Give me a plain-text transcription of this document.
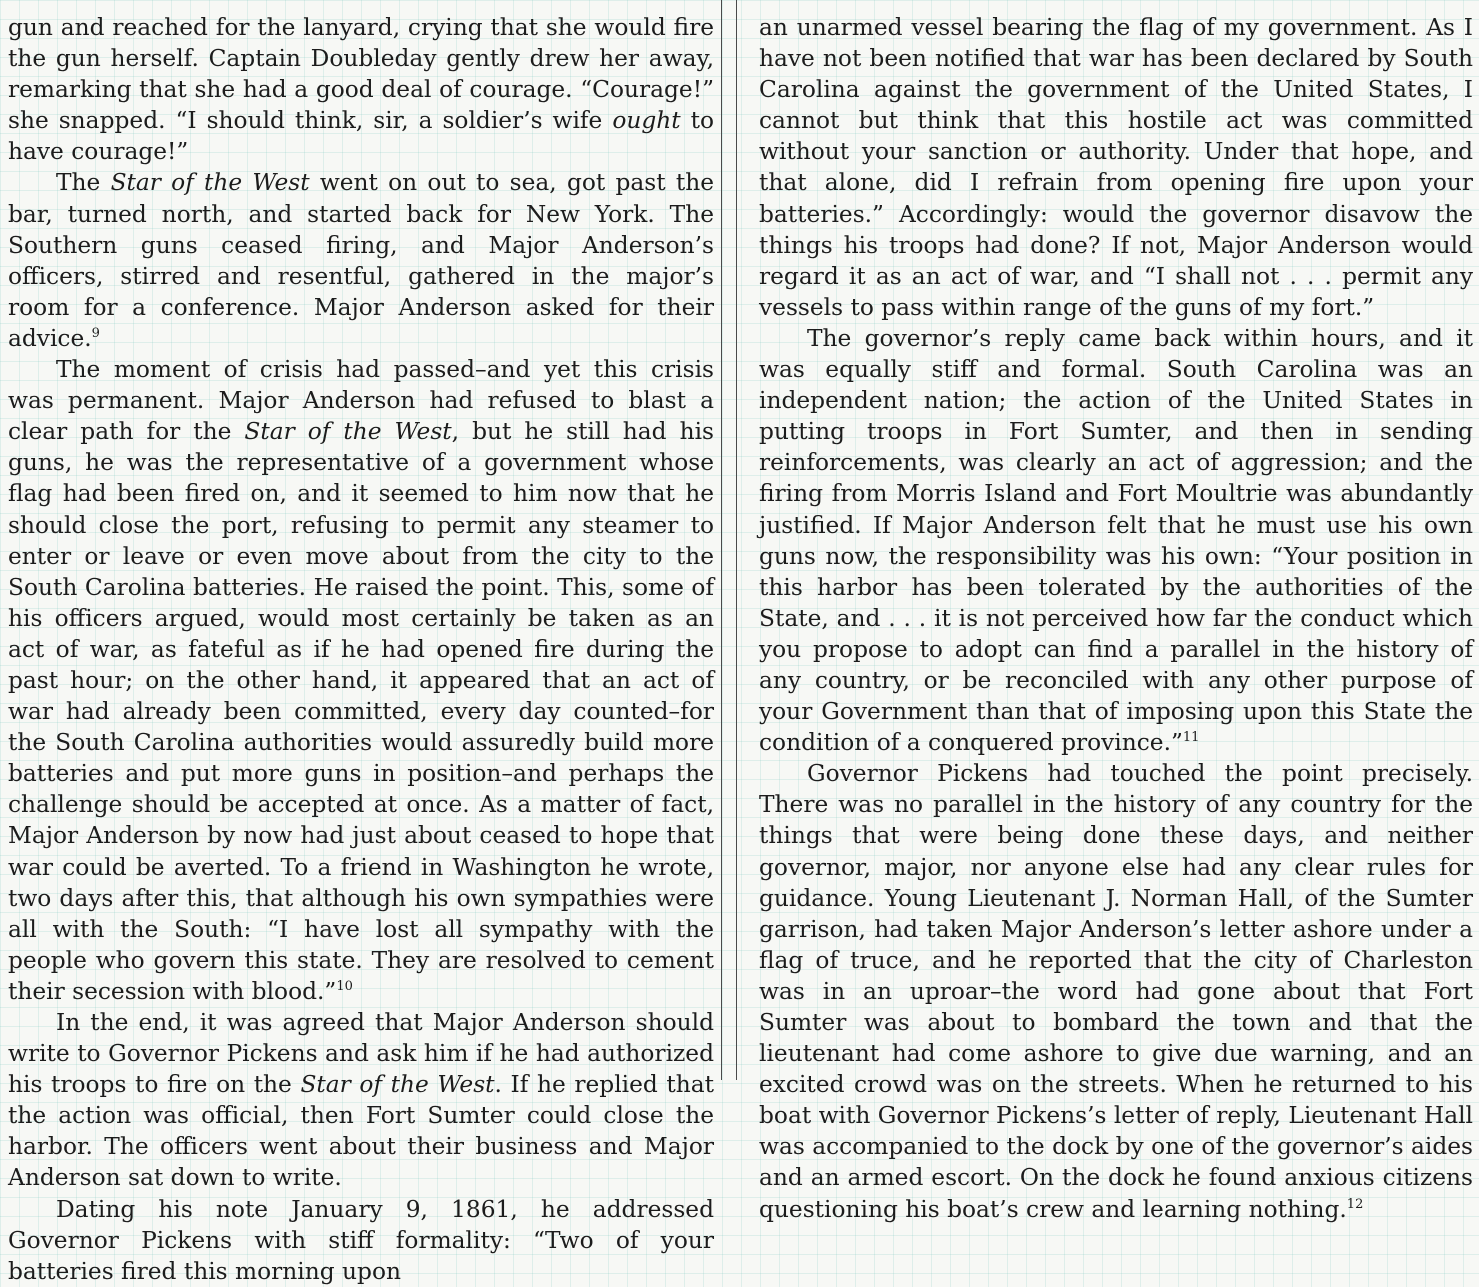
gun and reached for the lanyard, crying that she would fire the gun herself. Captain Doubleday gently drew her away, remarking that she had a good deal of courage. “Courage!” she snapped. “I should think, sir, a soldier’s wife ought to have courage!”

The Star of the West went on out to sea, got past the bar, turned north, and started back for New York. The Southern guns ceased firing, and Major Anderson’s officers, stirred and resentful, gathered in the major’s room for a conference. Major Anderson asked for their advice.$^9$

The moment of crisis had passed–and yet this crisis was permanent. Major Anderson had refused to blast a clear path for the Star of the West, but he still had his guns, he was the representative of a government whose flag had been fired on, and it seemed to him now that he should close the port, refusing to permit any steamer to enter or leave or even move about from the city to the South Carolina batteries. He raised the point. This, some of his officers argued, would most certainly be taken as an act of war, as fateful as if he had opened fire during the past hour; on the other hand, it appeared that an act of war had already been committed, every day counted–for the South Carolina authorities would assuredly build more batteries and put more guns in position–and perhaps the challenge should be accepted at once. As a matter of fact, Major Anderson by now had just about ceased to hope that war could be averted. To a friend in Washington he wrote, two days after this, that although his own sympathies were all with the South: “I have lost all sympathy with the people who govern this state. They are resolved to cement their secession with blood.”$^{10}$

In the end, it was agreed that Major Anderson should write to Governor Pickens and ask him if he had authorized his troops to fire on the Star of the West. If he replied that the action was official, then Fort Sumter could close the harbor. The officers went about their business and Major Anderson sat down to write.

Dating his note January 9, 1861, he addressed Governor Pickens with stiff formality: “Two of your batteries fired this morning upon

an unarmed vessel bearing the flag of my government. As I have not been notified that war has been declared by South Carolina against the government of the United States, I cannot but think that this hostile act was committed without your sanction or authority. Under that hope, and that alone, did I refrain from opening fire upon your batteries.” Accordingly: would the governor disavow the things his troops had done? If not, Major Anderson would regard it as an act of war, and “I shall not . . . permit any vessels to pass within range of the guns of my fort.”

The governor’s reply came back within hours, and it was equally stiff and formal. South Carolina was an independent nation; the action of the United States in putting troops in Fort Sumter, and then in sending reinforcements, was clearly an act of aggression; and the firing from Morris Island and Fort Moultrie was abundantly justified. If Major Anderson felt that he must use his own guns now, the responsibility was his own: “Your position in this harbor has been tolerated by the authorities of the State, and . . . it is not perceived how far the conduct which you propose to adopt can find a parallel in the history of any country, or be reconciled with any other purpose of your Government than that of imposing upon this State the condition of a conquered province.”$^{11}$

Governor Pickens had touched the point precisely. There was no parallel in the history of any country for the things that were being done these days, and neither governor, major, nor anyone else had any clear rules for guidance. Young Lieutenant J. Norman Hall, of the Sumter garrison, had taken Major Anderson’s letter ashore under a flag of truce, and he reported that the city of Charleston was in an uproar–the word had gone about that Fort Sumter was about to bombard the town and that the lieutenant had come ashore to give due warning, and an excited crowd was on the streets. When he returned to his boat with Governor Pickens’s letter of reply, Lieutenant Hall was accompanied to the dock by one of the governor’s aides and an armed escort. On the dock he found anxious citizens questioning his boat’s crew and learning nothing.$^{12}$
